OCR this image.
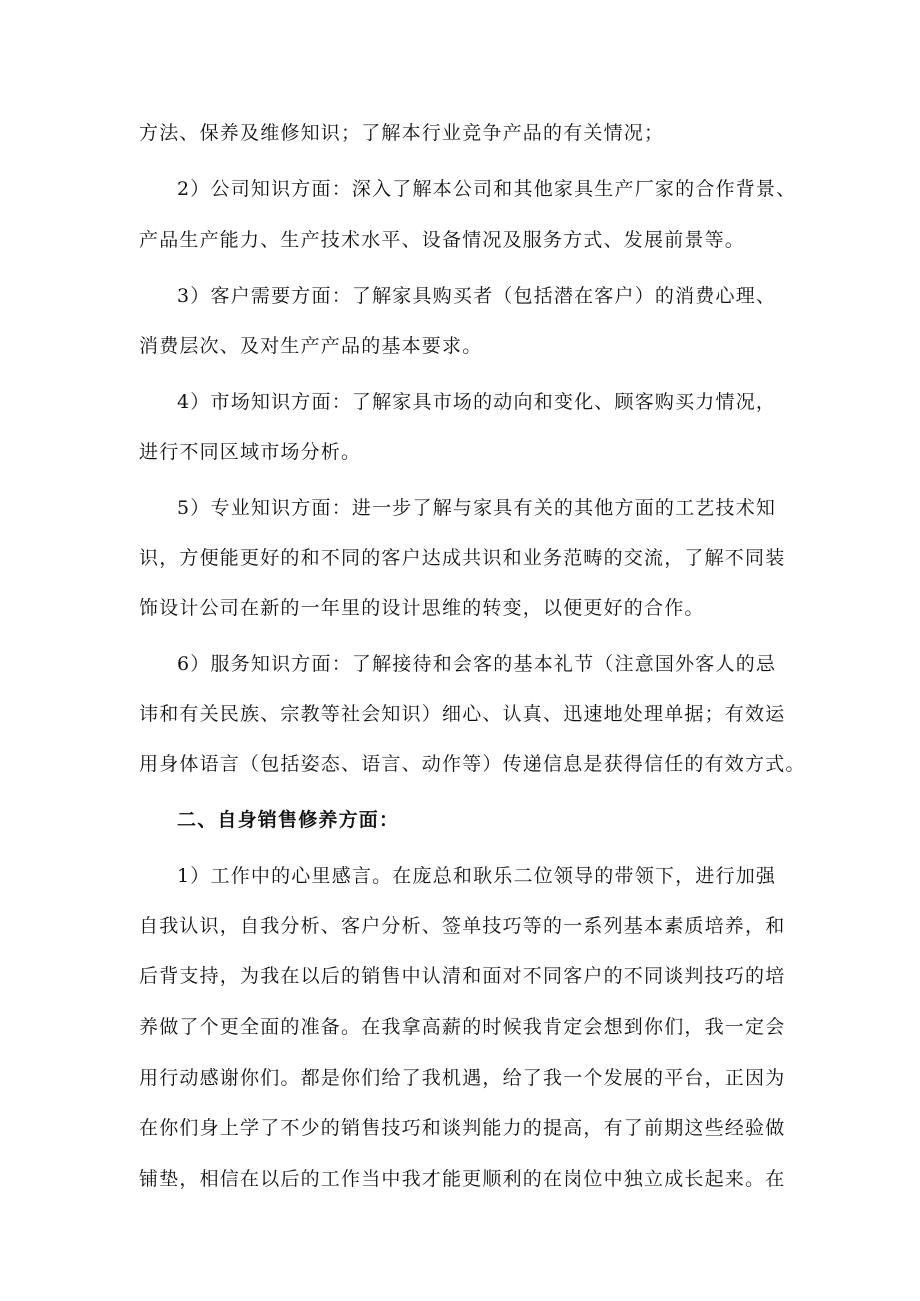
方法、保养及维修知识；了解本行业竞争产品的有关情况；
2）公司知识方面：深入了解本公司和其他家具生产厂家的合作背景、
产品生产能力、生产技术水平、设备情况及服务方式、发展前景等。
3）客户需要方面：了解家具购买者（包括潜在客户）的消费心理、
消费层次、及对生产产品的基本要求。
4）市场知识方面：了解家具市场的动向和变化、顾客购买力情况，
进行不同区域市场分析。
5）专业知识方面：进一步了解与家具有关的其他方面的工艺技术知
识，方便能更好的和不同的客户达成共识和业务范畴的交流，了解不同装
饰设计公司在新的一年里的设计思维的转变，以便更好的合作。
6）服务知识方面：了解接待和会客的基本礼节（注意国外客人的忌
讳和有关民族、宗教等社会知识）细心、认真、迅速地处理单据；有效运
用身体语言（包括姿态、语言、动作等）传递信息是获得信任的有效方式。
二、自身销售修养方面：
1）工作中的心里感言。在庞总和耿乐二位领导的带领下，进行加强
自我认识，自我分析、客户分析、签单技巧等的一系列基本素质培养，和
后背支持，为我在以后的销售中认清和面对不同客户的不同谈判技巧的培
养做了个更全面的准备。在我拿高薪的时候我肯定会想到你们，我一定会
用行动感谢你们。都是你们给了我机遇，给了我一个发展的平台，正因为
在你们身上学了不少的销售技巧和谈判能力的提高，有了前期这些经验做
铺垫，相信在以后的工作当中我才能更顺利的在岗位中独立成长起来。在
